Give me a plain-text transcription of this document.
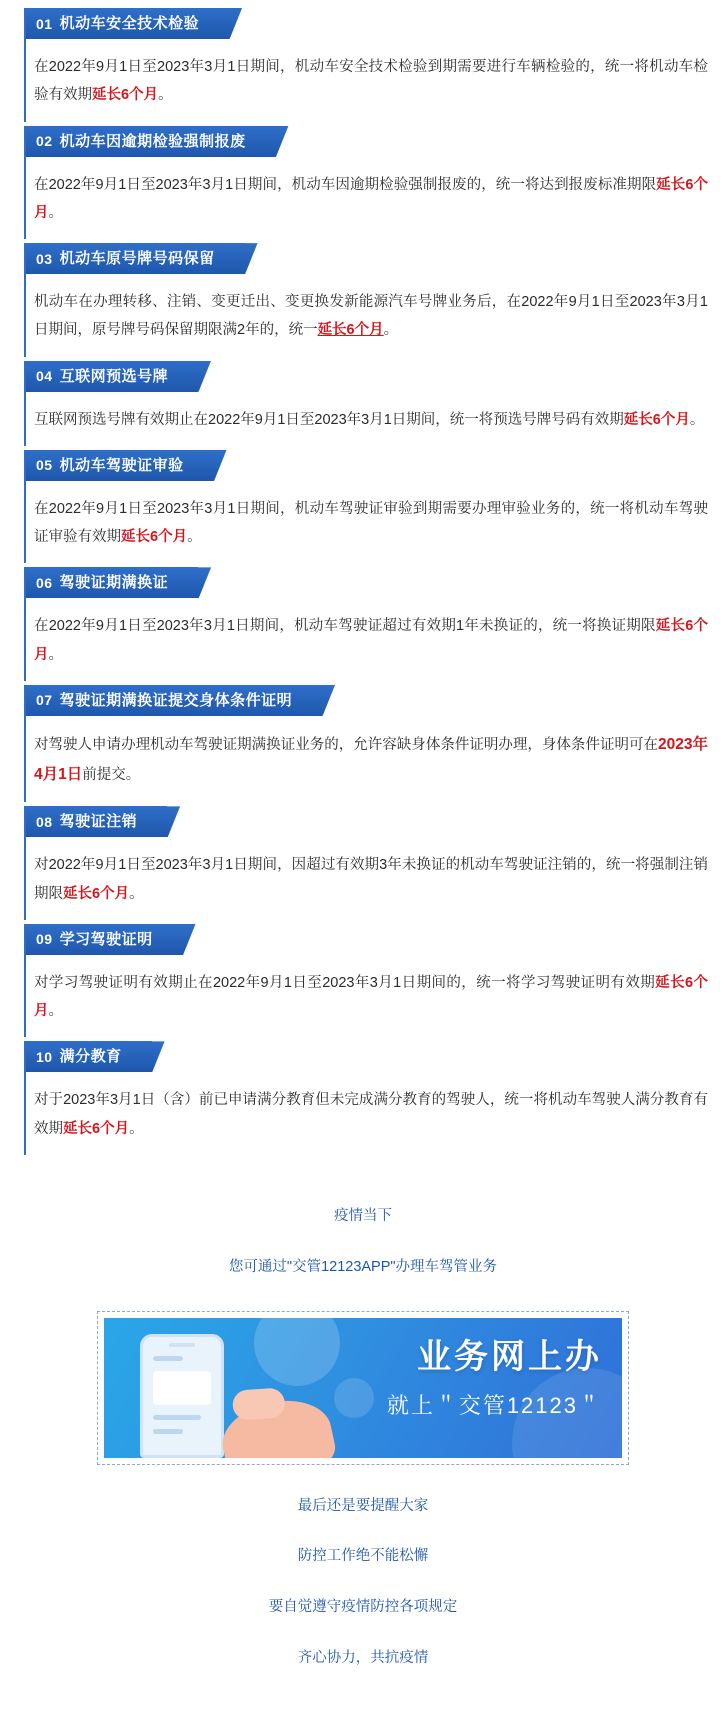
01 机动车安全技术检验
在2022年9月1日至2023年3月1日期间，机动车安全技术检验到期需要进行车辆检验的，统一将机动车检验有效期延长6个月。
02 机动车因逾期检验强制报废
在2022年9月1日至2023年3月1日期间，机动车因逾期检验强制报废的，统一将达到报废标准期限延长6个月。
03 机动车原号牌号码保留
机动车在办理转移、注销、变更迁出、变更换发新能源汽车号牌业务后，在2022年9月1日至2023年3月1日期间，原号牌号码保留期限满2年的，统一延长6个月。
04 互联网预选号牌
互联网预选号牌有效期止在2022年9月1日至2023年3月1日期间，统一将预选号牌号码有效期延长6个月。
05 机动车驾驶证审验
在2022年9月1日至2023年3月1日期间，机动车驾驶证审验到期需要办理审验业务的，统一将机动车驾驶证审验有效期延长6个月。
06 驾驶证期满换证
在2022年9月1日至2023年3月1日期间，机动车驾驶证超过有效期1年未换证的，统一将换证期限延长6个月。
07 驾驶证期满换证提交身体条件证明
对驾驶人申请办理机动车驾驶证期满换证业务的，允许容缺身体条件证明办理，身体条件证明可在2023年4月1日前提交。
08 驾驶证注销
对2022年9月1日至2023年3月1日期间，因超过有效期3年未换证的机动车驾驶证注销的，统一将强制注销期限延长6个月。
09 学习驾驶证明
对学习驾驶证明有效期止在2022年9月1日至2023年3月1日期间的，统一将学习驾驶证明有效期延长6个月。
10 满分教育
对于2023年3月1日（含）前已申请满分教育但未完成满分教育的驾驶人，统一将机动车驾驶人满分教育有效期延长6个月。
疫情当下
您可通过"交管12123APP"办理车驾管业务
业务网上办
就上＂交管12123＂
最后还是要提醒大家
防控工作绝不能松懈
要自觉遵守疫情防控各项规定
齐心协力，共抗疫情
